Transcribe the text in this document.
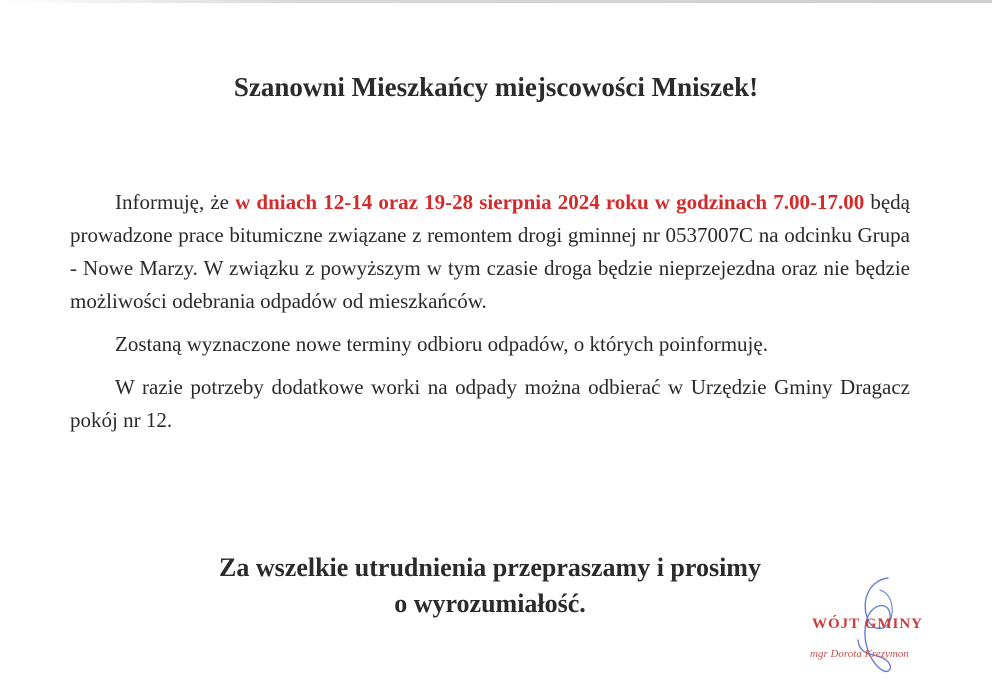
Szanowni Mieszkańcy miejscowości Mniszek!

Informuję, że w dniach 12-14 oraz 19-28 sierpnia 2024 roku w godzinach 7.00-17.00 będą prowadzone prace bitumiczne związane z remontem drogi gminnej nr 0537007C na odcinku Grupa - Nowe Marzy. W związku z powyższym w tym czasie droga będzie nieprzejezdna oraz nie będzie możliwości odebrania odpadów od mieszkańców.

Zostaną wyznaczone nowe terminy odbioru odpadów, o których poinformuję.

W razie potrzeby dodatkowe worki na odpady można odbierać w Urzędzie Gminy Dragacz pokój nr 12.

Za wszelkie utrudnienia przepraszamy i prosimy
o wyrozumiałość.
WÓJT GMINY
mgr Dorota Krezymon
